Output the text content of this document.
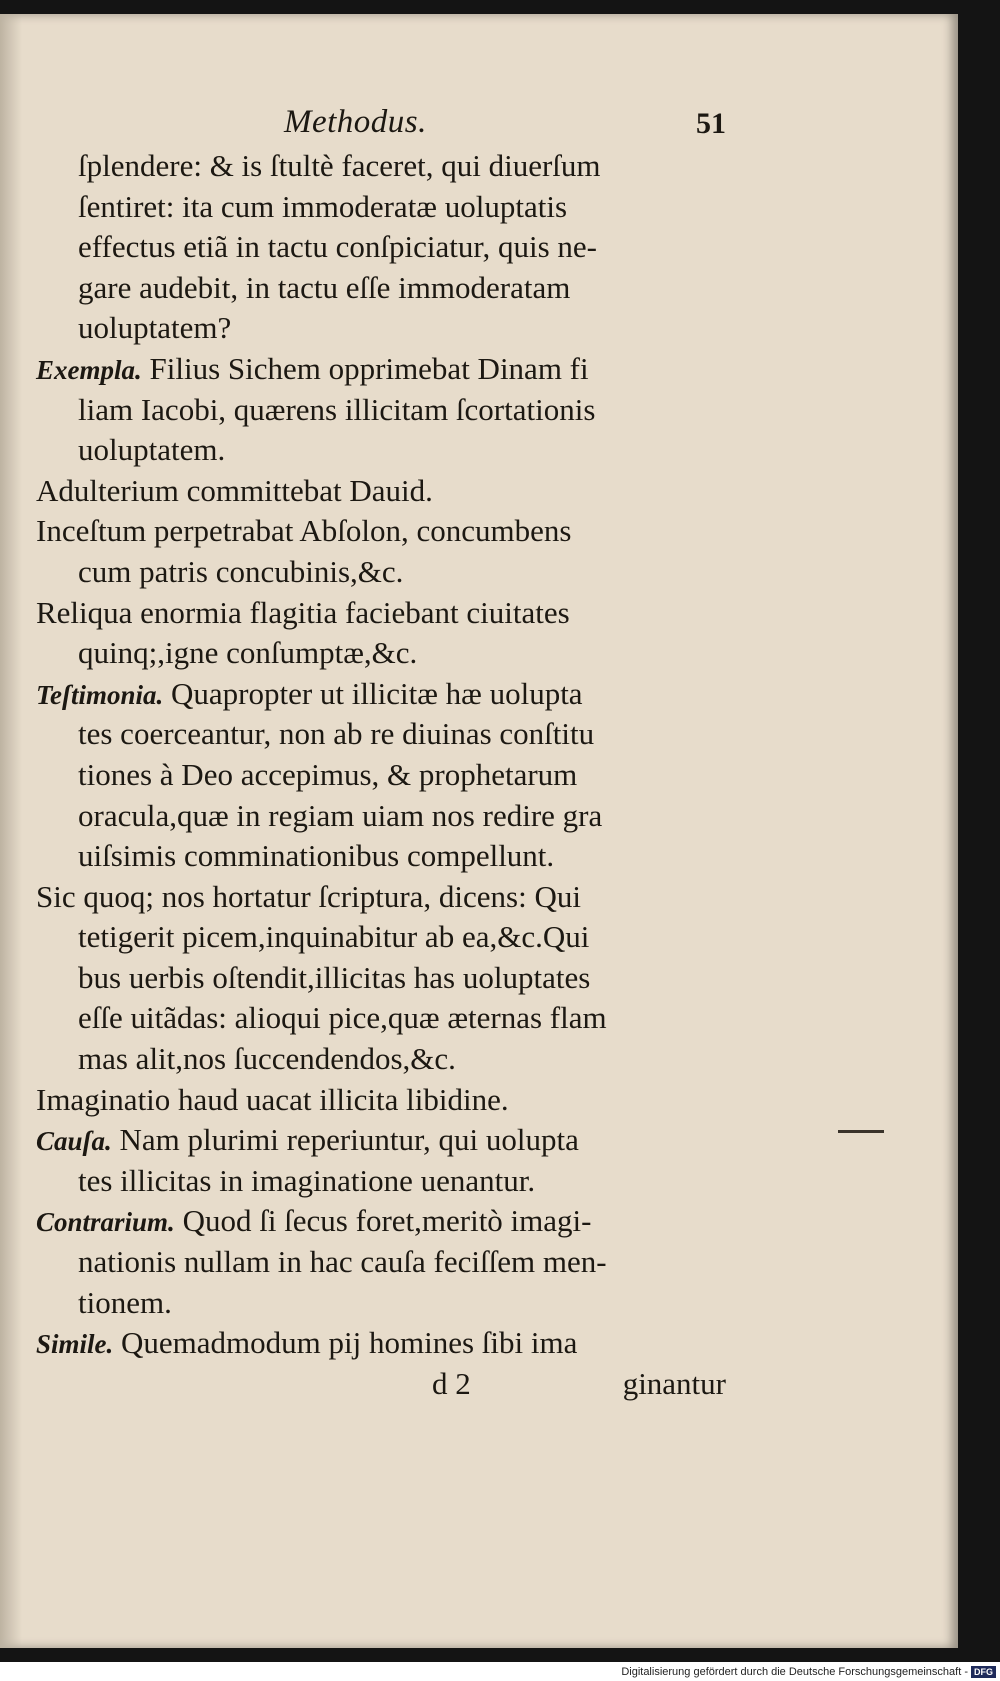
Methodus.	51
ſplendere: & is ſtultè faceret, qui diuerſum
ſentiret: ita cum immoderatæ uoluptatis
effectus etiã in tactu conſpiciatur, quis ne-
gare audebit, in tactu eſſe immoderatam
uoluptatem?
Exempla. Filius Sichem opprimebat Dinam fi
liam Iacobi, quærens illicitam ſcortationis
uoluptatem.
Adulterium committebat Dauid.
Inceſtum perpetrabat Abſolon, concumbens
cum patris concubinis,&c.
Reliqua enormia flagitia faciebant ciuitates
quinq;,igne conſumptæ,&c.
Teſtimonia. Quapropter ut illicitæ hæ uolupta
tes coerceantur, non ab re diuinas conſtitu
tiones à Deo accepimus, & prophetarum
oracula,quæ in regiam uiam nos redire gra
uiſsimis comminationibus compellunt.
Sic quoq; nos hortatur ſcriptura, dicens: Qui
tetigerit picem,inquinabitur ab ea,&c.Qui
bus uerbis oſtendit,illicitas has uoluptates
eſſe uitãdas: alioqui pice,quæ æternas flam
mas alit,nos ſuccendendos,&c.
Imaginatio haud uacat illicita libidine.
Cauſa. Nam plurimi reperiuntur, qui uolupta
tes illicitas in imaginatione uenantur.
Contrarium. Quod ſi ſecus foret,meritò imagi-
nationis nullam in hac cauſa feciſſem men-
tionem.
Simile. Quemadmodum pij homines ſibi ima
d 2	ginantur
Digitalisierung gefördert durch die Deutsche Forschungsgemeinschaft - DFG
